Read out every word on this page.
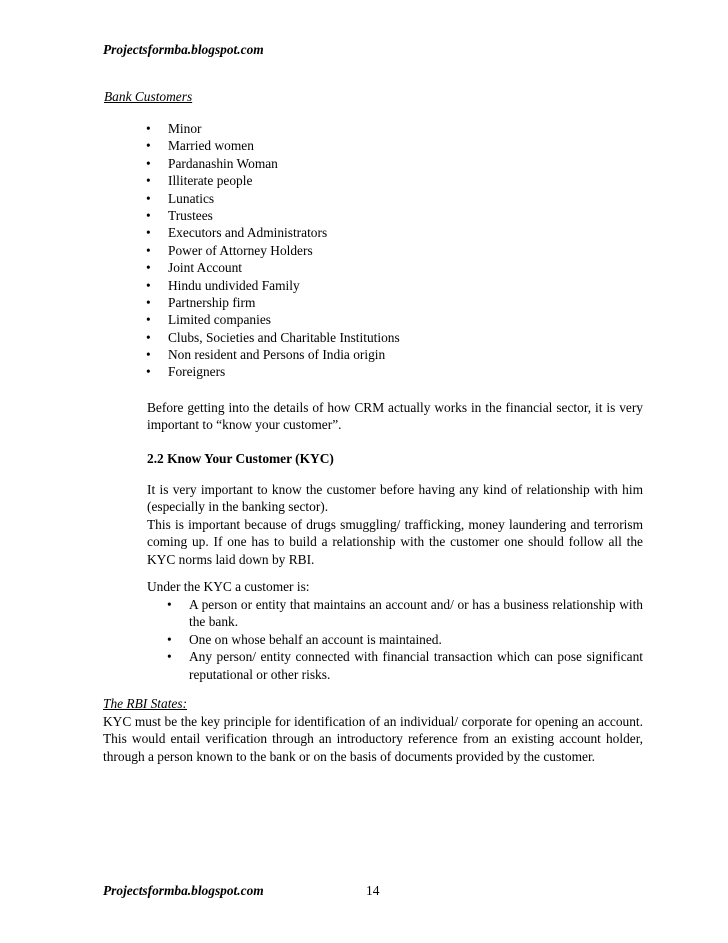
Projectsformba.blogspot.com
Bank Customers
• Minor
• Married women
• Pardanashin Woman
• Illiterate people
• Lunatics
• Trustees
• Executors and Administrators
• Power of Attorney Holders
• Joint Account
• Hindu undivided Family
• Partnership firm
• Limited companies
• Clubs, Societies and Charitable Institutions
• Non resident and Persons of India origin
• Foreigners
Before getting into the details of how CRM actually works in the financial sector, it is very important to “know your customer”.
2.2 Know Your Customer (KYC)
It is very important to know the customer before having any kind of relationship with him (especially in the banking sector).
This is important because of drugs smuggling/ trafficking, money laundering and terrorism coming up. If one has to build a relationship with the customer one should follow all the KYC norms laid down by RBI.
Under the KYC a customer is:
• A person or entity that maintains an account and/ or has a business relationship with the bank.
• One on whose behalf an account is maintained.
• Any person/ entity connected with financial transaction which can pose significant reputational or other risks.
The RBI States:
KYC must be the key principle for identification of an individual/ corporate for opening an account. This would entail verification through an introductory reference from an existing account holder, through a person known to the bank or on the basis of documents provided by the customer.
Projectsformba.blogspot.com	14
